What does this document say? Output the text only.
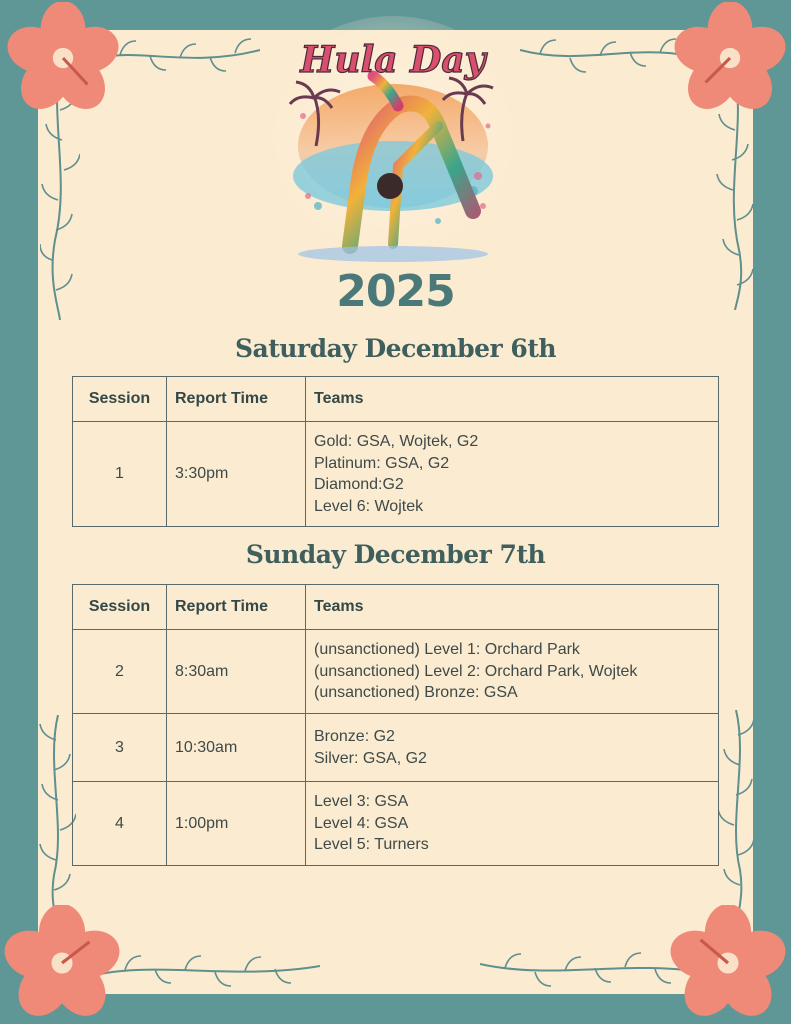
Hula Day
2025
Saturday December 6th
Session	Report Time	Teams
1	3:30pm	Gold: GSA, Wojtek, G2
Platinum: GSA, G2
Diamond:G2
Level 6: Wojtek
Sunday December 7th
Session	Report Time	Teams
2	8:30am	(unsanctioned) Level 1: Orchard Park
(unsanctioned) Level 2: Orchard Park, Wojtek
(unsanctioned) Bronze: GSA

3	10:30am	Bronze: G2
Silver: GSA, G2

4	1:00pm	Level 3: GSA
Level 4: GSA
Level 5: Turners
